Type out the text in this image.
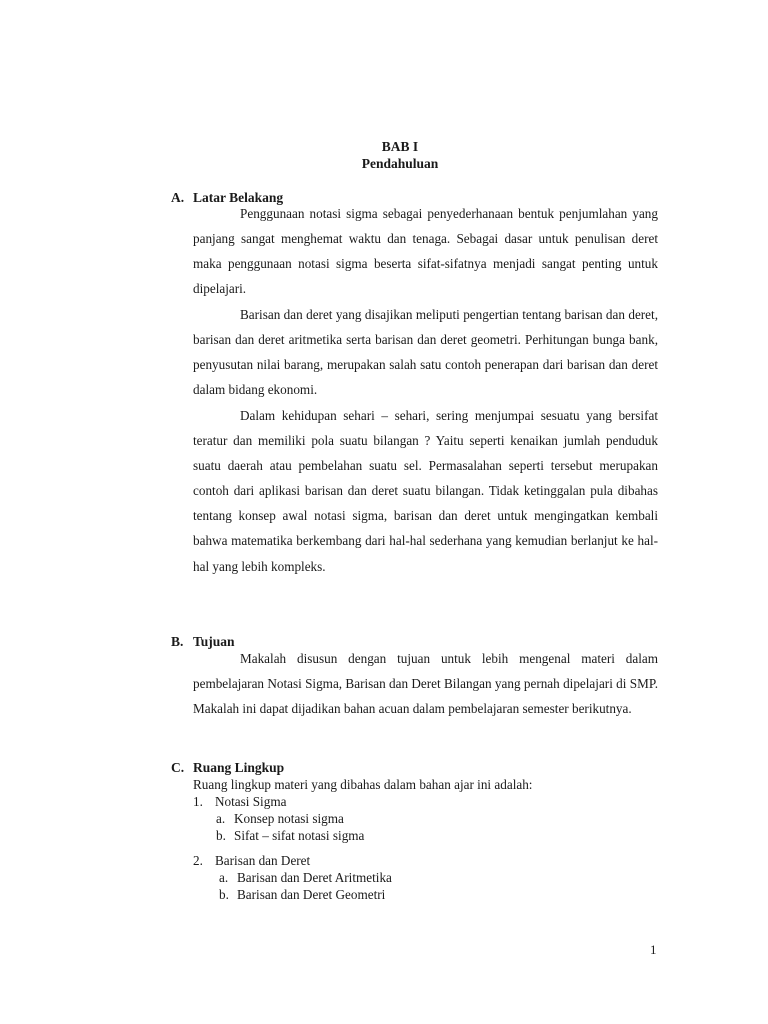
BAB I
Pendahuluan
A. Latar Belakang
Penggunaan notasi sigma sebagai penyederhanaan bentuk penjumlahan yang panjang sangat menghemat waktu dan tenaga. Sebagai dasar untuk penulisan deret maka penggunaan notasi sigma beserta sifat-sifatnya menjadi sangat penting untuk dipelajari.
Barisan dan deret yang disajikan meliputi pengertian tentang barisan dan deret, barisan dan deret aritmetika serta barisan dan deret geometri. Perhitungan bunga bank, penyusutan nilai barang, merupakan salah satu contoh penerapan dari barisan dan deret dalam bidang ekonomi.
Dalam kehidupan sehari – sehari, sering menjumpai sesuatu yang bersifat teratur dan memiliki pola suatu bilangan ? Yaitu seperti kenaikan jumlah penduduk suatu daerah atau pembelahan suatu sel. Permasalahan seperti tersebut merupakan contoh dari aplikasi barisan dan deret suatu bilangan. Tidak ketinggalan pula dibahas tentang konsep awal notasi sigma, barisan dan deret untuk mengingatkan kembali bahwa matematika berkembang dari hal-hal sederhana yang kemudian berlanjut ke hal-hal yang lebih kompleks.
B. Tujuan
Makalah disusun dengan tujuan untuk lebih mengenal materi dalam pembelajaran Notasi Sigma, Barisan dan Deret Bilangan yang pernah dipelajari di SMP. Makalah ini dapat dijadikan bahan acuan dalam pembelajaran semester berikutnya.
C. Ruang Lingkup
Ruang lingkup materi yang dibahas dalam bahan ajar ini adalah:
1. Notasi Sigma
a. Konsep notasi sigma
b. Sifat – sifat notasi sigma
2. Barisan dan Deret
a. Barisan dan Deret Aritmetika
b. Barisan dan Deret Geometri
1
